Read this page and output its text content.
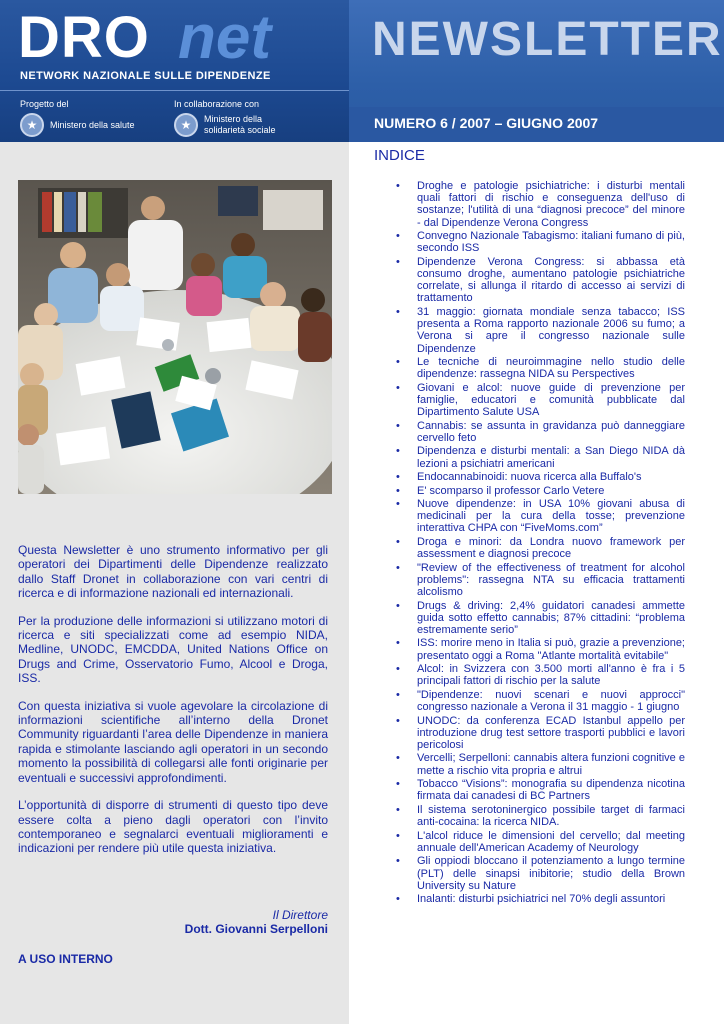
DRO net
NETWORK NAZIONALE SULLE DIPENDENZE
Progetto del	In collaborazione con
★	Ministero della salute	★	Ministero della solidarietà sociale
NEWSLETTER
NUMERO 6 / 2007 – GIUGNO 2007

Questa Newsletter è uno strumento informativo per gli operatori dei Dipartimenti delle Dipendenze realizzato dallo Staff Dronet in collaborazione con vari centri di ricerca e di informazione nazionali ed internazionali.

Per la produzione delle informazioni si utilizzano motori di ricerca e siti specializzati come ad esempio NIDA, Medline, UNODC, EMCDDA, United Nations Office on Drugs and Crime, Osservatorio Fumo, Alcool e Droga, ISS.

Con questa iniziativa si vuole agevolare la circolazione di informazioni scientifiche all’interno della Dronet Community riguardanti l’area delle Dipendenze in maniera rapida e stimolante lasciando agli operatori in un secondo momento la possibilità di collegarsi alle fonti originarie per eventuali e successivi approfondimenti.

L’opportunità di disporre di strumenti di questo tipo deve essere colta a pieno dagli operatori con l’invito contemporaneo e segnalarci eventuali miglioramenti e indicazioni per rendere più utile questa iniziativa.

Il Direttore
Dott. Giovanni Serpelloni
A USO INTERNO
INDICE
• Droghe e patologie psichiatriche: i disturbi mentali quali fattori di rischio e conseguenza dell'uso di sostanze; l'utilità di una “diagnosi precoce” del minore - dal Dipendenze Verona Congress
• Convegno Nazionale Tabagismo: italiani fumano di più, secondo ISS
• Dipendenze Verona Congress: si abbassa età consumo droghe, aumentano patologie psichiatriche correlate, si allunga il ritardo di accesso ai servizi di trattamento
• 31 maggio: giornata mondiale senza tabacco; ISS presenta a Roma rapporto nazionale 2006 su fumo; a Verona si apre il congresso nazionale sulle Dipendenze
• Le tecniche di neuroimmagine nello studio delle dipendenze: rassegna NIDA su Perspectives
• Giovani e alcol: nuove guide di prevenzione per famiglie, educatori e comunità pubblicate dal Dipartimento Salute USA
• Cannabis: se assunta in gravidanza può danneggiare cervello feto
• Dipendenza e disturbi mentali: a San Diego NIDA dà lezioni a psichiatri americani
• Endocannabinoidi: nuova ricerca alla Buffalo's
• E' scomparso il professor Carlo Vetere
• Nuove dipendenze: in USA 10% giovani abusa di medicinali per la cura della tosse; prevenzione interattiva CHPA con “FiveMoms.com”
• Droga e minori: da Londra nuovo framework per assessment e diagnosi precoce
• "Review of the effectiveness of treatment for alcohol problems": rassegna NTA su efficacia trattamenti alcolismo
• Drugs & driving: 2,4% guidatori canadesi ammette guida sotto effetto cannabis; 87% cittadini: “problema estremamente serio”
• ISS: morire meno in Italia si può, grazie a prevenzione; presentato oggi a Roma "Atlante mortalità evitabile"
• Alcol: in Svizzera con 3.500 morti all'anno è fra i 5 principali fattori di rischio per la salute
• "Dipendenze: nuovi scenari e nuovi approcci" congresso nazionale a Verona il 31 maggio - 1 giugno
• UNODC: da conferenza ECAD Istanbul appello per introduzione drug test settore trasporti pubblici e lavori pericolosi
• Vercelli; Serpelloni: cannabis altera funzioni cognitive e mette a rischio vita propria e altrui
• Tobacco “Visions”: monografia su dipendenza nicotina firmata dai canadesi di BC Partners
• Il sistema serotoninergico possibile target di farmaci anti-cocaina: la ricerca NIDA.
• L'alcol riduce le dimensioni del cervello; dal meeting annuale dell'American Academy of Neurology
• Gli oppiodi bloccano il potenziamento a lungo termine (PLT) delle sinapsi inibitorie; studio della Brown University su Nature
• Inalanti: disturbi psichiatrici nel 70% degli assuntori
